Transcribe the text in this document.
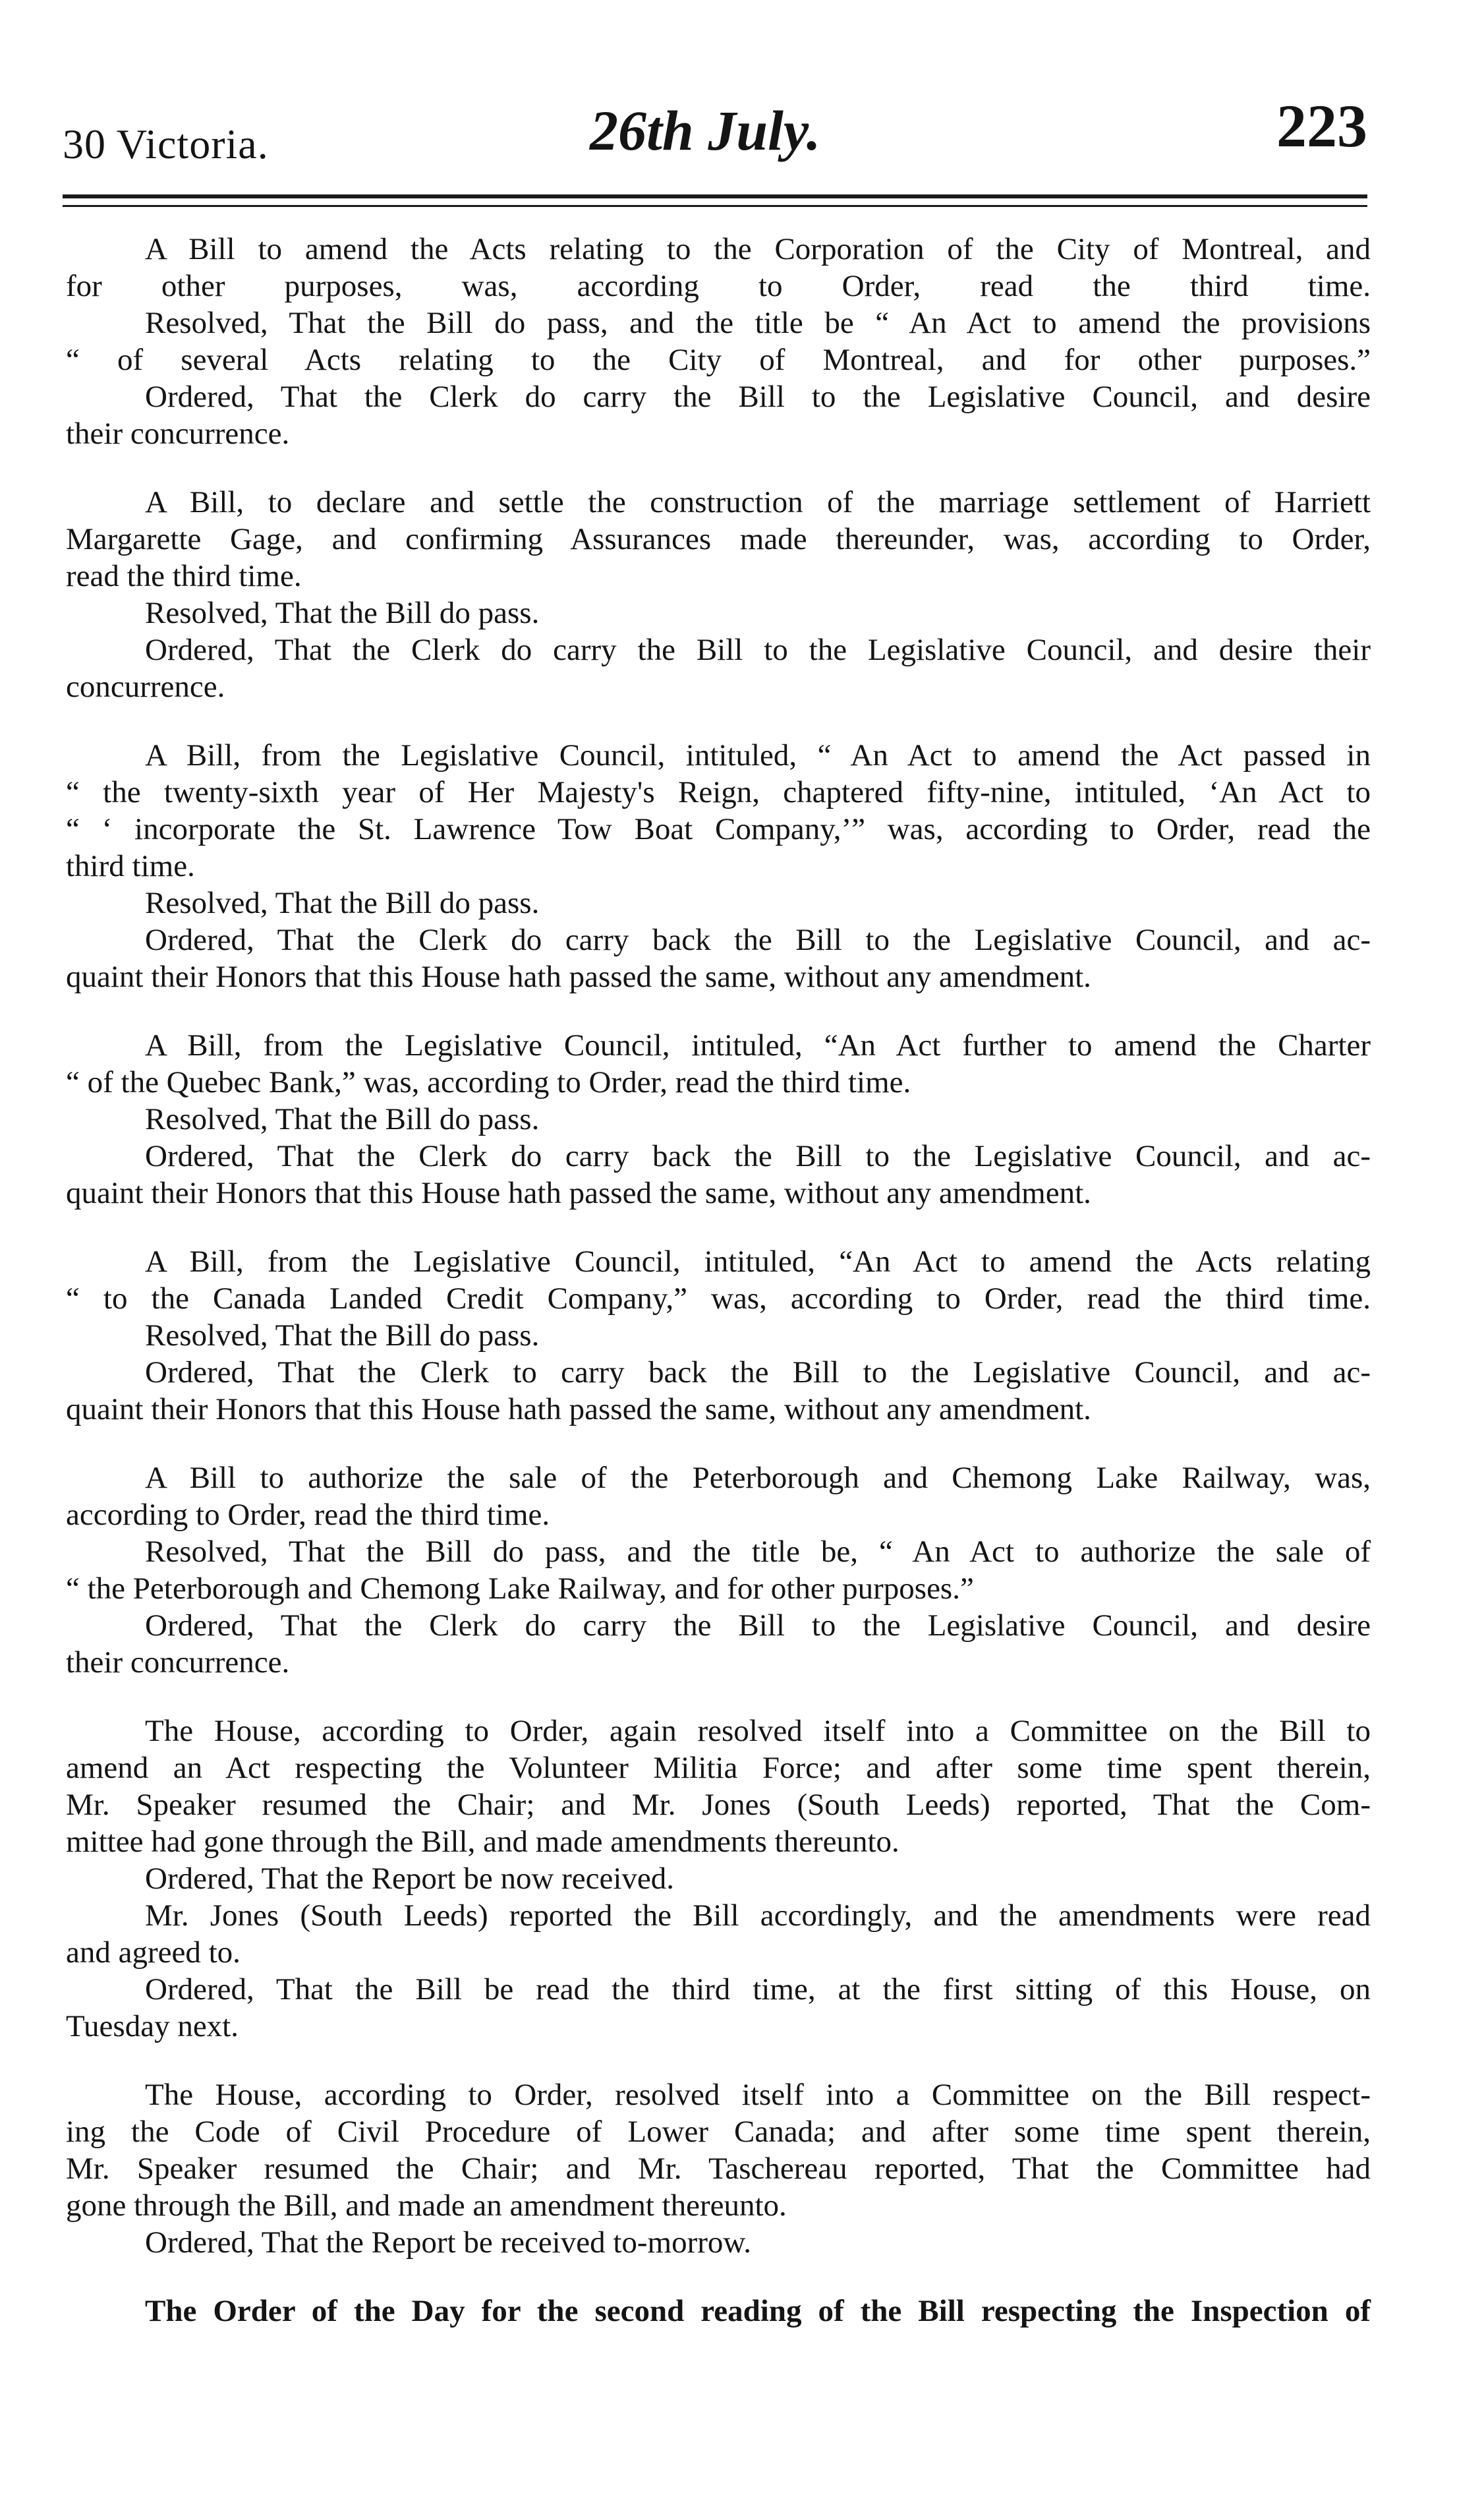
30 Victoria.	26th July.	223

A Bill to amend the Acts relating to the Corporation of the City of Montreal, and

for other purposes, was, according to Order, read the third time.

Resolved, That the Bill do pass, and the title be “ An Act to amend the provisions

“ of several Acts relating to the City of Montreal, and for other purposes.”

Ordered, That the Clerk do carry the Bill to the Legislative Council, and desire

their concurrence.

A Bill, to declare and settle the construction of the marriage settlement of Harriett

Margarette Gage, and confirming Assurances made thereunder, was, according to Order,

read the third time.

Resolved, That the Bill do pass.

Ordered, That the Clerk do carry the Bill to the Legislative Council, and desire their

concurrence.

A Bill, from the Legislative Council, intituled, “ An Act to amend the Act passed in

“ the twenty-sixth year of Her Majesty's Reign, chaptered fifty-nine, intituled, ‘An Act to

“ ‘ incorporate the St. Lawrence Tow Boat Company,’” was, according to Order, read the

third time.

Resolved, That the Bill do pass.

Ordered, That the Clerk do carry back the Bill to the Legislative Council, and ac-

quaint their Honors that this House hath passed the same, without any amendment.

A Bill, from the Legislative Council, intituled, “An Act further to amend the Charter

“ of the Quebec Bank,” was, according to Order, read the third time.

Resolved, That the Bill do pass.

Ordered, That the Clerk do carry back the Bill to the Legislative Council, and ac-

quaint their Honors that this House hath passed the same, without any amendment.

A Bill, from the Legislative Council, intituled, “An Act to amend the Acts relating

“ to the Canada Landed Credit Company,” was, according to Order, read the third time.

Resolved, That the Bill do pass.

Ordered, That the Clerk to carry back the Bill to the Legislative Council, and ac-

quaint their Honors that this House hath passed the same, without any amendment.

A Bill to authorize the sale of the Peterborough and Chemong Lake Railway, was,

according to Order, read the third time.

Resolved, That the Bill do pass, and the title be, “ An Act to authorize the sale of

“ the Peterborough and Chemong Lake Railway, and for other purposes.”

Ordered, That the Clerk do carry the Bill to the Legislative Council, and desire

their concurrence.

The House, according to Order, again resolved itself into a Committee on the Bill to

amend an Act respecting the Volunteer Militia Force; and after some time spent therein,

Mr. Speaker resumed the Chair; and Mr. Jones (South Leeds) reported, That the Com-

mittee had gone through the Bill, and made amendments thereunto.

Ordered, That the Report be now received.

Mr. Jones (South Leeds) reported the Bill accordingly, and the amendments were read

and agreed to.

Ordered, That the Bill be read the third time, at the first sitting of this House, on

Tuesday next.

The House, according to Order, resolved itself into a Committee on the Bill respect-

ing the Code of Civil Procedure of Lower Canada; and after some time spent therein,

Mr. Speaker resumed the Chair; and Mr. Taschereau reported, That the Committee had

gone through the Bill, and made an amendment thereunto.

Ordered, That the Report be received to-morrow.

The Order of the Day for the second reading of the Bill respecting the Inspection of
